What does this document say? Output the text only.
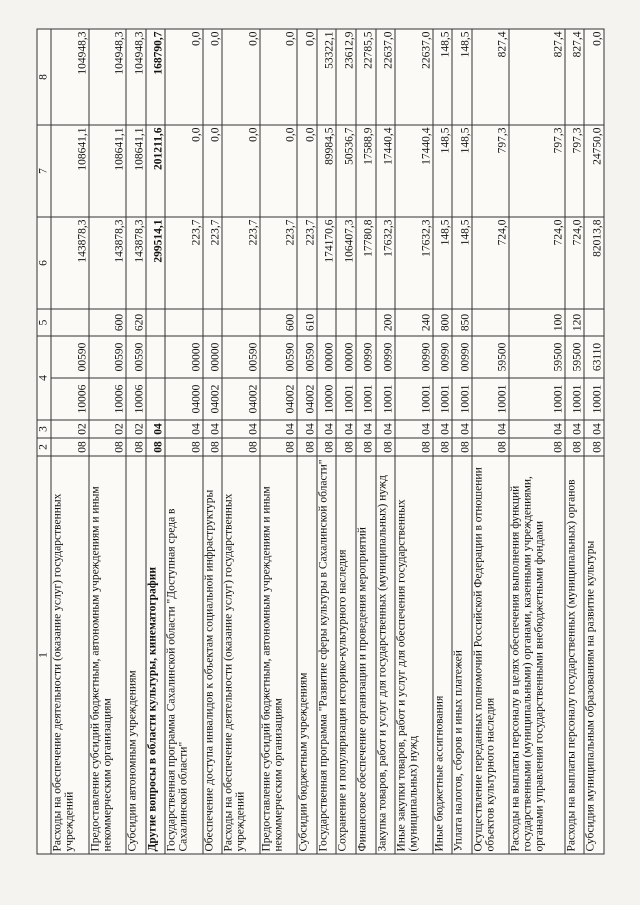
1	2	3	4		5	6	7	8
Расходы на обеспечение деятельности (оказание услуг) государственных учреждений	08	02	10006	00590		143878,3	108641,1	104948,3
Предоставление субсидий бюджетным, автономным учреждениям и иным некоммерческим организациям	08	02	10006	00590	600	143878,3	108641,1	104948,3
Субсидии автономным учреждениям	08	02	10006	00590	620	143878,3	108641,1	104948,3
Другие вопросы в области культуры, кинематографии	08	04				299514,1	201211,6	168790,7
Государственная программа Сахалинской области "Доступная среда в Сахалинской области"	08	04	04000	00000		223,7	0,0	0,0
Обеспечение доступа инвалидов к объектам социальной инфраструктуры	08	04	04002	00000		223,7	0,0	0,0
Расходы на обеспечение деятельности (оказание услуг) государственных учреждений	08	04	04002	00590		223,7	0,0	0,0
Предоставление субсидий бюджетным, автономным учреждениям и иным некоммерческим организациям	08	04	04002	00590	600	223,7	0,0	0,0
Субсидии бюджетным учреждениям	08	04	04002	00590	610	223,7	0,0	0,0
Государственная программа "Развитие сферы культуры в Сахалинской области"	08	04	10000	00000		174170,6	89984,5	53322,1
Сохранение и популяризация историко-культурного наследия	08	04	10001	00000		106407,3	50536,7	23612,9
Финансовое обеспечение организации и проведения мероприятий	08	04	10001	00990		17780,8	17588,9	22785,5
Закупка товаров, работ и услуг для государственных (муниципальных) нужд	08	04	10001	00990	200	17632,3	17440,4	22637,0
Иные закупки товаров, работ и услуг для обеспечения государственных (муниципальных) нужд	08	04	10001	00990	240	17632,3	17440,4	22637,0
Иные бюджетные ассигнования	08	04	10001	00990	800	148,5	148,5	148,5
Уплата налогов, сборов и иных платежей	08	04	10001	00990	850	148,5	148,5	148,5
Осуществление переданных полномочий Российской Федерации в отношении объектов культурного наследия	08	04	10001	59500		724,0	797,3	827,4
Расходы на выплаты персоналу в целях обеспечения выполнения функций государственными (муниципальными) органами, казенными учреждениями, органами управления государственными внебюджетными фондами	08	04	10001	59500	100	724,0	797,3	827,4
Расходы на выплаты персоналу государственных (муниципальных) органов	08	04	10001	59500	120	724,0	797,3	827,4
Субсидия муниципальным образованиям на развитие культуры	08	04	10001	63110		82013,8	24750,0	0,0
